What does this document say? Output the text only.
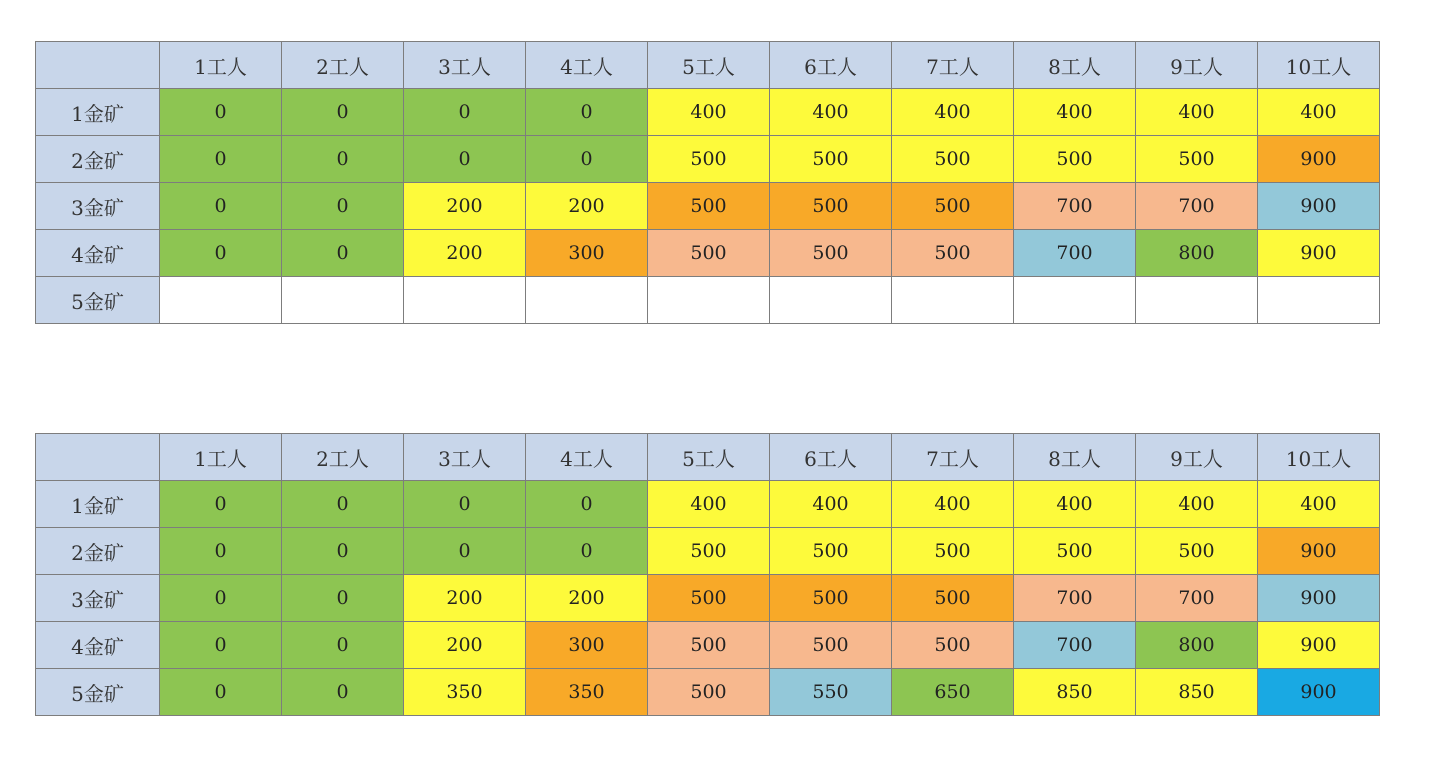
	1工人	2工人	3工人	4工人	5工人	6工人	7工人	8工人	9工人	10工人
1金矿	0	0	0	0	400	400	400	400	400	400
2金矿	0	0	0	0	500	500	500	500	500	900
3金矿	0	0	200	200	500	500	500	700	700	900
4金矿	0	0	200	300	500	500	500	700	800	900
5金矿										
	1工人	2工人	3工人	4工人	5工人	6工人	7工人	8工人	9工人	10工人
1金矿	0	0	0	0	400	400	400	400	400	400
2金矿	0	0	0	0	500	500	500	500	500	900
3金矿	0	0	200	200	500	500	500	700	700	900
4金矿	0	0	200	300	500	500	500	700	800	900
5金矿	0	0	350	350	500	550	650	850	850	900
